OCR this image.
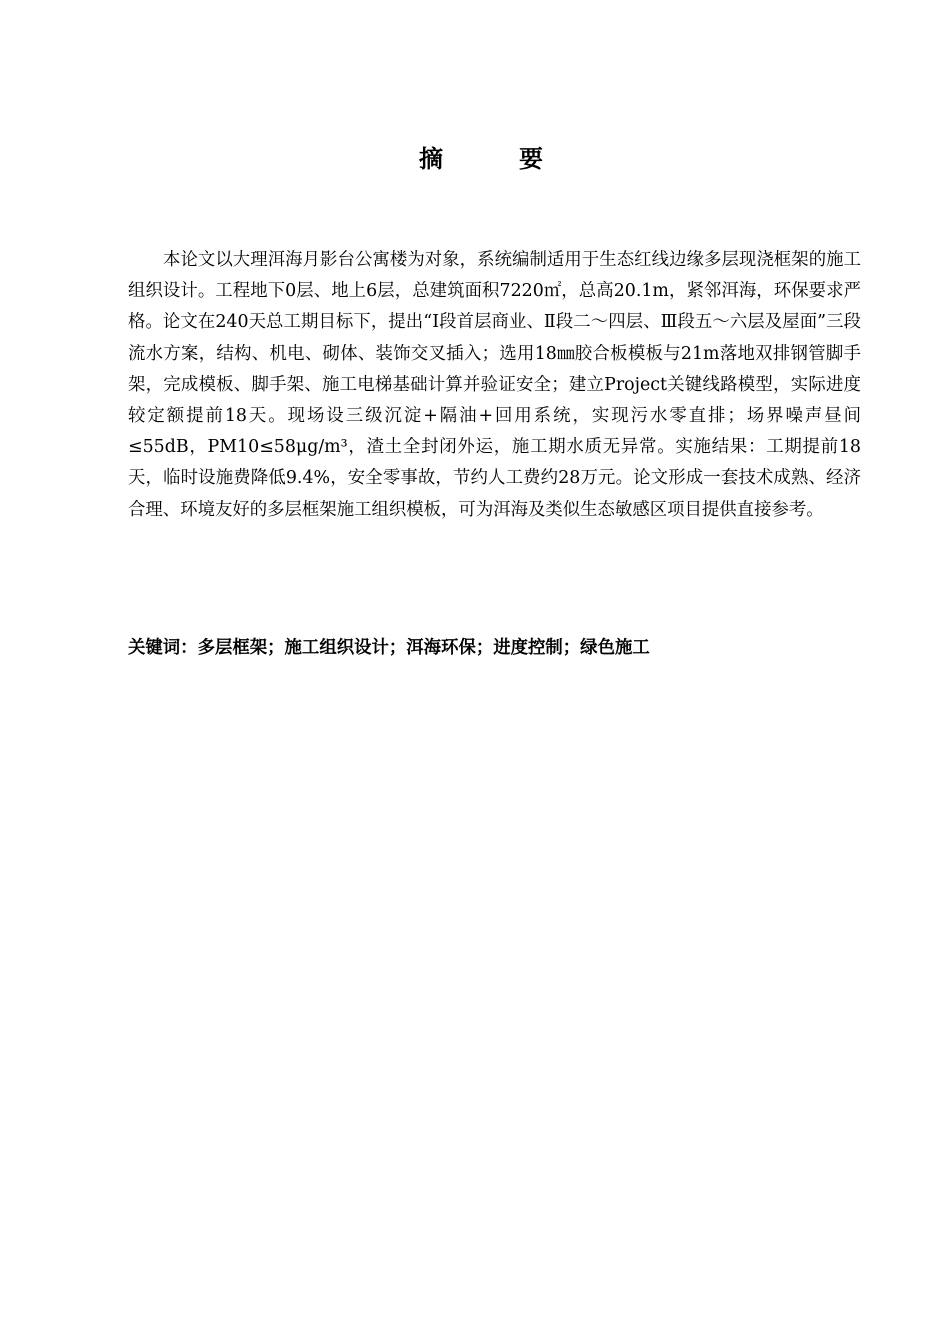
摘　要

本论文以大理洱海月影台公寓楼为对象，系统编制适用于生态红线边缘多层现浇框架的施工组织设计。工程地下0层、地上6层，总建筑面积7220㎡，总高20.1m，紧邻洱海，环保要求严格。论文在240天总工期目标下，提出“Ⅰ段首层商业、Ⅱ段二～四层、Ⅲ段五～六层及屋面”三段流水方案，结构、机电、砌体、装饰交叉插入；选用18㎜胶合板模板与21m落地双排钢管脚手架，完成模板、脚手架、施工电梯基础计算并验证安全；建立Project关键线路模型，实际进度较定额提前18天。现场设三级沉淀+隔油+回用系统，实现污水零直排；场界噪声昼间≤55dB，PM10≤58μg/m³，渣土全封闭外运，施工期水质无异常。实施结果：工期提前18天，临时设施费降低9.4%，安全零事故，节约人工费约28万元。论文形成一套技术成熟、经济合理、环境友好的多层框架施工组织模板，可为洱海及类似生态敏感区项目提供直接参考。

关键词：多层框架；施工组织设计；洱海环保；进度控制；绿色施工
